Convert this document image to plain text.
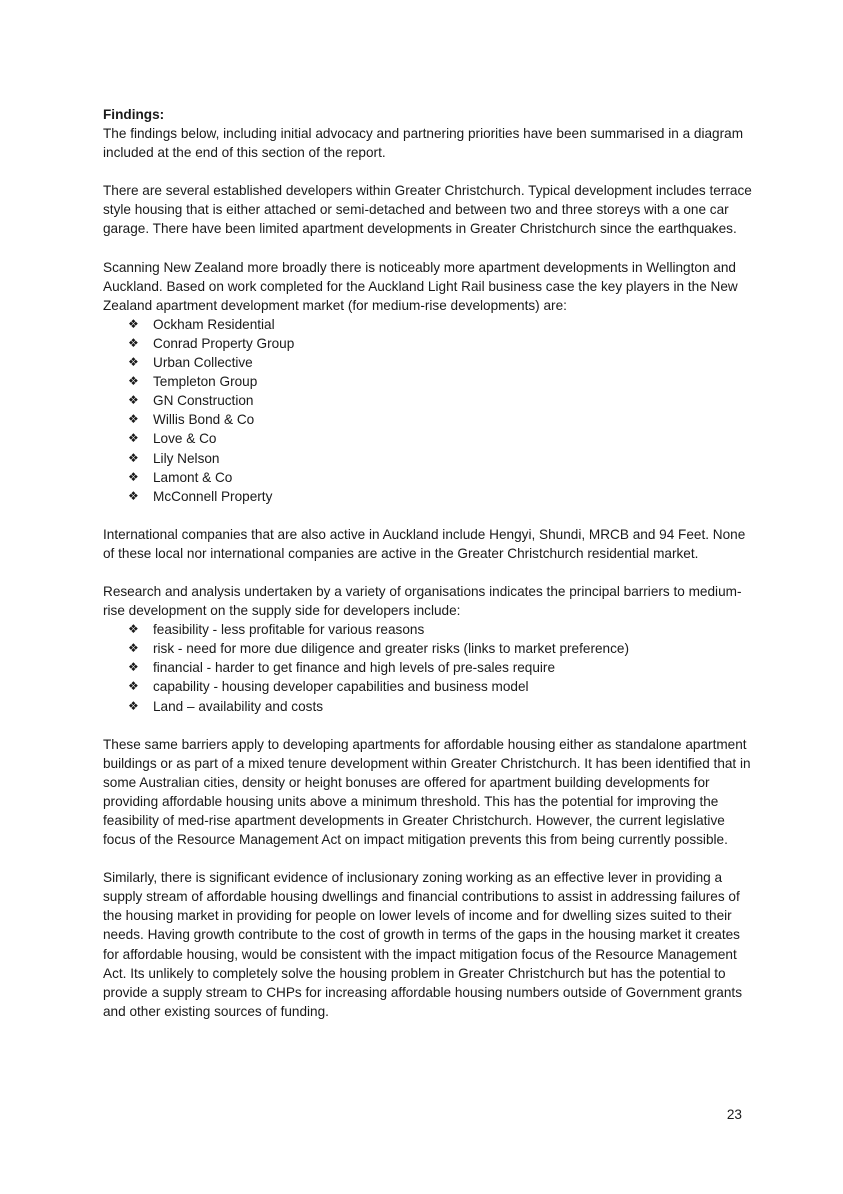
Findings:

The findings below, including initial advocacy and partnering priorities have been summarised in a diagram included at the end of this section of the report.

There are several established developers within Greater Christchurch. Typical development includes terrace style housing that is either attached or semi-detached and between two and three storeys with a one car garage. There have been limited apartment developments in Greater Christchurch since the earthquakes.

Scanning New Zealand more broadly there is noticeably more apartment developments in Wellington and Auckland. Based on work completed for the Auckland Light Rail business case the key players in the New Zealand apartment development market (for medium-rise developments) are:

❖ Ockham Residential
❖ Conrad Property Group
❖ Urban Collective
❖ Templeton Group
❖ GN Construction
❖ Willis Bond & Co
❖ Love & Co
❖ Lily Nelson
❖ Lamont & Co
❖ McConnell Property

International companies that are also active in Auckland include Hengyi, Shundi, MRCB and 94 Feet. None of these local nor international companies are active in the Greater Christchurch residential market.

Research and analysis undertaken by a variety of organisations indicates the principal barriers to medium-rise development on the supply side for developers include:

❖ feasibility - less profitable for various reasons
❖ risk - need for more due diligence and greater risks (links to market preference)
❖ financial - harder to get finance and high levels of pre-sales require
❖ capability - housing developer capabilities and business model
❖ Land – availability and costs

These same barriers apply to developing apartments for affordable housing either as standalone apartment buildings or as part of a mixed tenure development within Greater Christchurch. It has been identified that in some Australian cities, density or height bonuses are offered for apartment building developments for providing affordable housing units above a minimum threshold. This has the potential for improving the feasibility of med-rise apartment developments in Greater Christchurch. However, the current legislative focus of the Resource Management Act on impact mitigation prevents this from being currently possible.

Similarly, there is significant evidence of inclusionary zoning working as an effective lever in providing a supply stream of affordable housing dwellings and financial contributions to assist in addressing failures of the housing market in providing for people on lower levels of income and for dwelling sizes suited to their needs. Having growth contribute to the cost of growth in terms of the gaps in the housing market it creates for affordable housing, would be consistent with the impact mitigation focus of the Resource Management Act. Its unlikely to completely solve the housing problem in Greater Christchurch but has the potential to provide a supply stream to CHPs for increasing affordable housing numbers outside of Government grants and other existing sources of funding.

23
